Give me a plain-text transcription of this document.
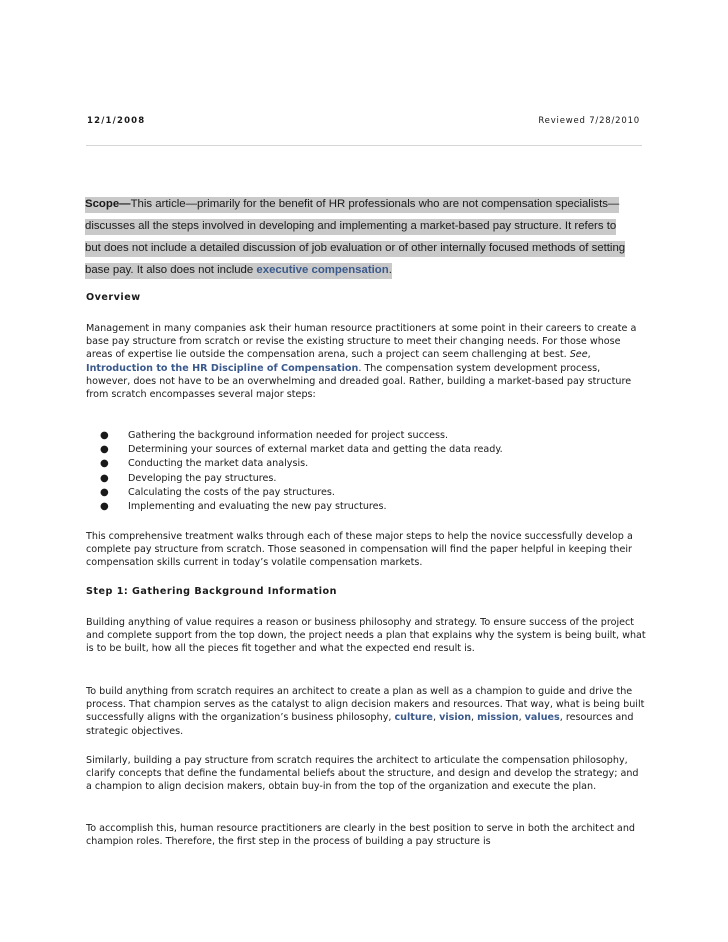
12/1/2008	Reviewed 7/28/2010
Scope—This article—primarily for the benefit of HR professionals who are not compensation specialists—discusses all the steps involved in developing and implementing a market-based pay structure. It refers to but does not include a detailed discussion of job evaluation or of other internally focused methods of setting base pay. It also does not include executive compensation.
Overview

Management in many companies ask their human resource practitioners at some point in their careers to create a base pay structure from scratch or revise the existing structure to meet their changing needs. For those whose areas of expertise lie outside the compensation arena, such a project can seem challenging at best. See, Introduction to the HR Discipline of Compensation. The compensation system development process, however, does not have to be an overwhelming and dreaded goal. Rather, building a market-based pay structure from scratch encompasses several major steps:

● Gathering the background information needed for project success.
● Determining your sources of external market data and getting the data ready.
● Conducting the market data analysis.
● Developing the pay structures.
● Calculating the costs of the pay structures.
● Implementing and evaluating the new pay structures.

This comprehensive treatment walks through each of these major steps to help the novice successfully develop a complete pay structure from scratch. Those seasoned in compensation will find the paper helpful in keeping their compensation skills current in today’s volatile compensation markets.

Step 1: Gathering Background Information

Building anything of value requires a reason or business philosophy and strategy. To ensure success of the project and complete support from the top down, the project needs a plan that explains why the system is being built, what is to be built, how all the pieces fit together and what the expected end result is.

To build anything from scratch requires an architect to create a plan as well as a champion to guide and drive the process. That champion serves as the catalyst to align decision makers and resources. That way, what is being built successfully aligns with the organization’s business philosophy, culture, vision, mission, values, resources and strategic objectives.

Similarly, building a pay structure from scratch requires the architect to articulate the compensation philosophy, clarify concepts that define the fundamental beliefs about the structure, and design and develop the strategy; and a champion to align decision makers, obtain buy-in from the top of the organization and execute the plan.

To accomplish this, human resource practitioners are clearly in the best position to serve in both the architect and champion roles. Therefore, the first step in the process of building a pay structure is
